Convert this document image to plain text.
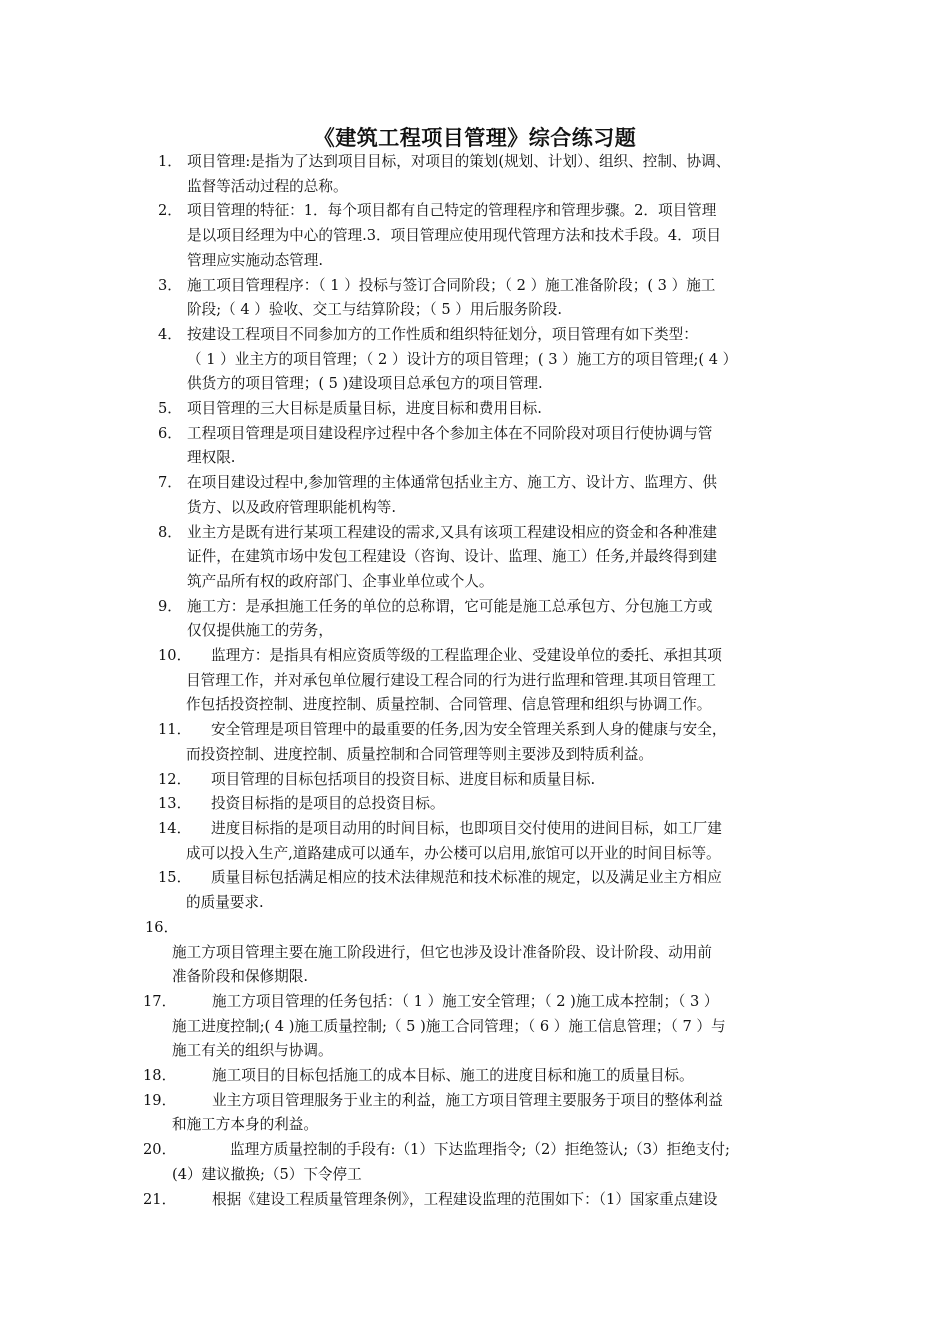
《建筑工程项目管理》综合练习题
1． 项目管理:是指为了达到项目目标，对项目的策划(规划、计划）、组织、控制、协调、
监督等活动过程的总称。
2． 项目管理的特征：1．每个项目都有自己特定的管理程序和管理步骤。2．项目管理
是以项目经理为中心的管理.3．项目管理应使用现代管理方法和技术手段。4．项目
管理应实施动态管理.
3． 施工项目管理程序：（ 1 ）投标与签订合同阶段；（ 2 ）施工准备阶段；( 3 ）施工
阶段;（ 4 ）验收、交工与结算阶段；（ 5 ）用后服务阶段.
4． 按建设工程项目不同参加方的工作性质和组织特征划分，项目管理有如下类型：
（ 1 ）业主方的项目管理；（ 2 ）设计方的项目管理；( 3 ）施工方的项目管理;( 4 ）
供货方的项目管理；( 5 )建设项目总承包方的项目管理.
5． 项目管理的三大目标是质量目标，进度目标和费用目标.
6． 工程项目管理是项目建设程序过程中各个参加主体在不同阶段对项目行使协调与管
理权限.
7． 在项目建设过程中,参加管理的主体通常包括业主方、施工方、设计方、监理方、供
货方、以及政府管理职能机构等.
8． 业主方是既有进行某项工程建设的需求,又具有该项工程建设相应的资金和各种准建
证件，在建筑市场中发包工程建设（咨询、设计、监理、施工）任务,并最终得到建
筑产品所有权的政府部门、企事业单位或个人。
9． 施工方：是承担施工任务的单位的总称谓，它可能是施工总承包方、分包施工方或
仅仅提供施工的劳务，
10．	监理方：是指具有相应资质等级的工程监理企业、受建设单位的委托、承担其项
目管理工作，并对承包单位履行建设工程合同的行为进行监理和管理.其项目管理工
作包括投资控制、进度控制、质量控制、合同管理、信息管理和组织与协调工作。
11．	安全管理是项目管理中的最重要的任务,因为安全管理关系到人身的健康与安全，
而投资控制、进度控制、质量控制和合同管理等则主要涉及到特质利益。
12．	项目管理的目标包括项目的投资目标、进度目标和质量目标.
13．	投资目标指的是项目的总投资目标。
14．	进度目标指的是项目动用的时间目标，也即项目交付使用的进间目标，如工厂建
成可以投入生产,道路建成可以通车，办公楼可以启用,旅馆可以开业的时间目标等。
15．	质量目标包括满足相应的技术法律规范和技术标准的规定，以及满足业主方相应
的质量要求.
16．
施工方项目管理主要在施工阶段进行，但它也涉及设计准备阶段、设计阶段、动用前
准备阶段和保修期限.
17．	施工方项目管理的任务包括：（ 1 ）施工安全管理；（ 2 )施工成本控制；（ 3 ）
施工进度控制;( 4 )施工质量控制;（ 5 )施工合同管理；（ 6 ）施工信息管理；（ 7 ）与
施工有关的组织与协调。
18．	施工项目的目标包括施工的成本目标、施工的进度目标和施工的质量目标。
19．	业主方项目管理服务于业主的利益，施工方项目管理主要服务于项目的整体利益
和施工方本身的利益。
20．	监理方质量控制的手段有:（1）下达监理指令;（2）拒绝签认;（3）拒绝支付;
(4）建议撤换;（5）下令停工
21．	根据《建设工程质量管理条例》，工程建设监理的范围如下：（1）国家重点建设
